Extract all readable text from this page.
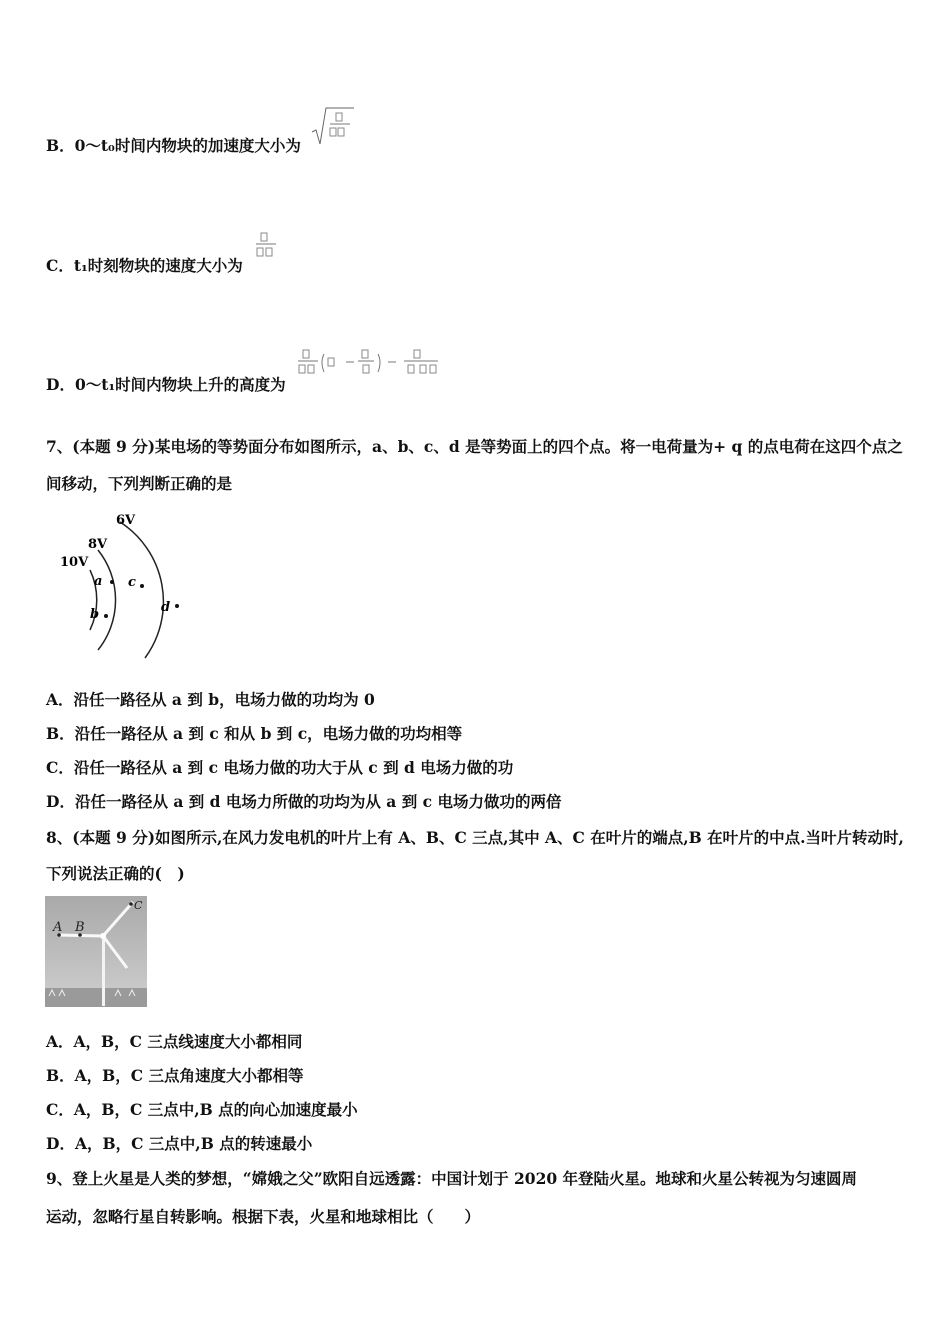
B．0～t₀时间内物块的加速度大小为
C．t₁时刻物块的速度大小为
D．0～t₁时间内物块上升的高度为
7、(本题 9 分)某电场的等势面分布如图所示，a、b、c、d 是等势面上的四个点。将一电荷量为+ q 的点电荷在这四个点之
间移动，下列判断正确的是
6V
8V
10V
a
b
c
d
A．沿任一路径从 a 到 b，电场力做的功均为 0
B．沿任一路径从 a 到 c 和从 b 到 c，电场力做的功均相等
C．沿任一路径从 a 到 c 电场力做的功大于从 c 到 d 电场力做的功
D．沿任一路径从 a 到 d 电场力所做的功均为从 a 到 c 电场力做功的两倍
8、(本题 9 分)如图所示,在风力发电机的叶片上有 A、B、C 三点,其中 A、C 在叶片的端点,B 在叶片的中点.当叶片转动时,
下列说法正确的(　)
A B
C
A．A，B，C 三点线速度大小都相同
B．A，B，C 三点角速度大小都相等
C．A，B，C 三点中,B 点的向心加速度最小
D．A，B，C 三点中,B 点的转速最小
9、登上火星是人类的梦想，“嫦娥之父”欧阳自远透露：中国计划于 2020 年登陆火星。地球和火星公转视为匀速圆周
运动，忽略行星自转影响。根据下表，火星和地球相比（　　）
